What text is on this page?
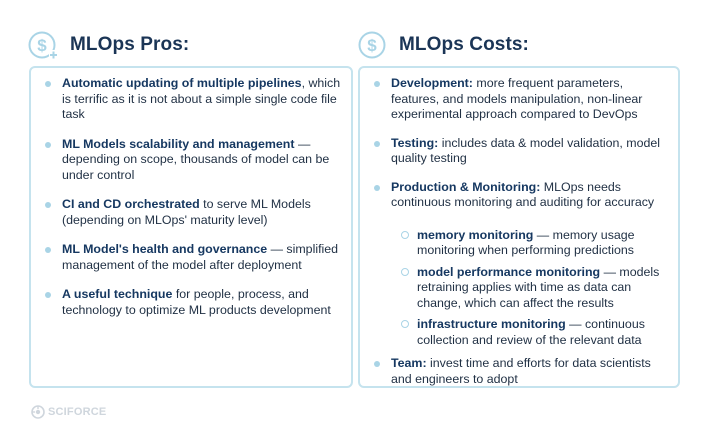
$ MLOps Pros:	$ MLOps Costs:
Automatic updating of multiple pipelines, which is terrific as it is not about a simple single code file task
ML Models scalability and management — depending on scope, thousands of model can be under control
CI and CD orchestrated to serve ML Models (depending on MLOps' maturity level)
ML Model's health and governance — simplified management of the model after deployment
A useful technique for people, process, and technology to optimize ML products development
Development: more frequent parameters, features, and models manipulation, non-linear experimental approach compared to DevOps
Testing: includes data & model validation, model quality testing
Production & Monitoring: MLOps needs continuous monitoring and auditing for accuracy
memory monitoring — memory usage monitoring when performing predictions
model performance monitoring — models retraining applies with time as data can change, which can affect the results
infrastructure monitoring — continuous collection and review of the relevant data
Team: invest time and efforts for data scientists and engineers to adopt
SCIFORCE
